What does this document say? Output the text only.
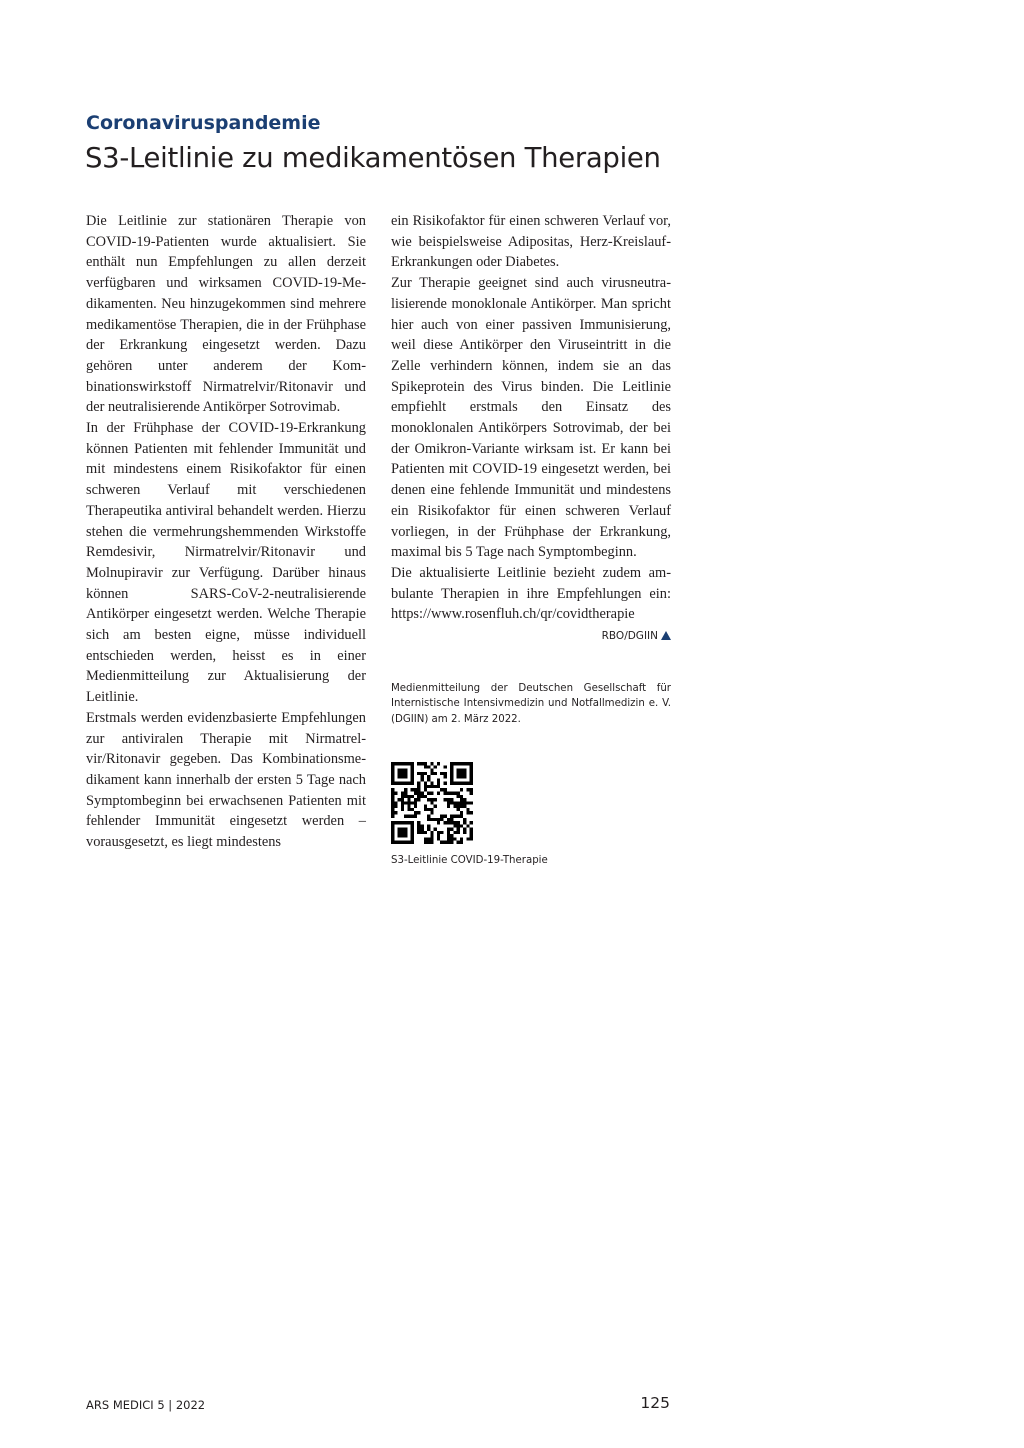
Coronaviruspandemie
S3-Leitlinie zu medikamentösen Therapien

Die Leitlinie zur stationären Therapie von COVID-19-Patienten wurde aktualisiert. Sie enthält nun Empfehlungen zu allen derzeit verfügbaren und wirksamen COVID-19-Medikamenten. Neu hinzugekommen sind mehrere medikamentöse Therapien, die in der Frühphase der Erkrankung eingesetzt werden. Dazu gehören unter anderem der Kombinationswirkstoff Nirmatrelvir/Ritonavir und der neutralisierende Antikörper Sotrovimab.

In der Frühphase der COVID-19-Erkrankung können Patienten mit fehlender Immunität und mit mindestens einem Risikofaktor für einen schweren Verlauf mit verschiedenen Therapeutika antiviral behandelt werden. Hierzu stehen die vermehrungshemmenden Wirkstoffe Remdesivir, Nirmatrelvir/Ritonavir und Molnupiravir zur Verfügung. Darüber hinaus können SARS-CoV-2-neutralisierende Antikörper eingesetzt werden. Welche Therapie sich am besten eigne, müsse individuell entschieden werden, heisst es in einer Medienmitteilung zur Aktualisierung der Leitlinie.

Erstmals werden evidenzbasierte Empfehlungen zur antiviralen Therapie mit Nirmatrelvir/Ritonavir gegeben. Das Kombinationsmedikament kann innerhalb der ersten 5 Tage nach Symptombeginn bei erwachsenen Patienten mit fehlender Immunität eingesetzt werden – vorausgesetzt, es liegt mindestens

ein Risikofaktor für einen schweren Verlauf vor, wie beispielsweise Adipositas, Herz-Kreislauf-Erkrankungen oder Diabetes.

Zur Therapie geeignet sind auch virusneutralisierende monoklonale Antikörper. Man spricht hier auch von einer passiven Immunisierung, weil diese Antikörper den Viruseintritt in die Zelle verhindern können, indem sie an das Spikeprotein des Virus binden. Die Leitlinie empfiehlt erstmals den Einsatz des monoklonalen Antikörpers Sotrovimab, der bei der Omikron-Variante wirksam ist. Er kann bei Patienten mit COVID-19 eingesetzt werden, bei denen eine fehlende Immunität und mindestens ein Risikofaktor für einen schweren Verlauf vorliegen, in der Frühphase der Erkrankung, maximal bis 5 Tage nach Symptombeginn.

Die aktualisierte Leitlinie bezieht zudem ambulante Therapien in ihre Empfehlungen ein: https://www.rosenfluh.ch/qr/covidtherapie

RBO/DGIIN

Medienmitteilung der Deutschen Gesellschaft für Internistische Intensivmedizin und Notfallmedizin e. V. (DGIIN) am 2. März 2022.

S3-Leitlinie COVID-19-Therapie
ARS MEDICI 5 | 2022	125
